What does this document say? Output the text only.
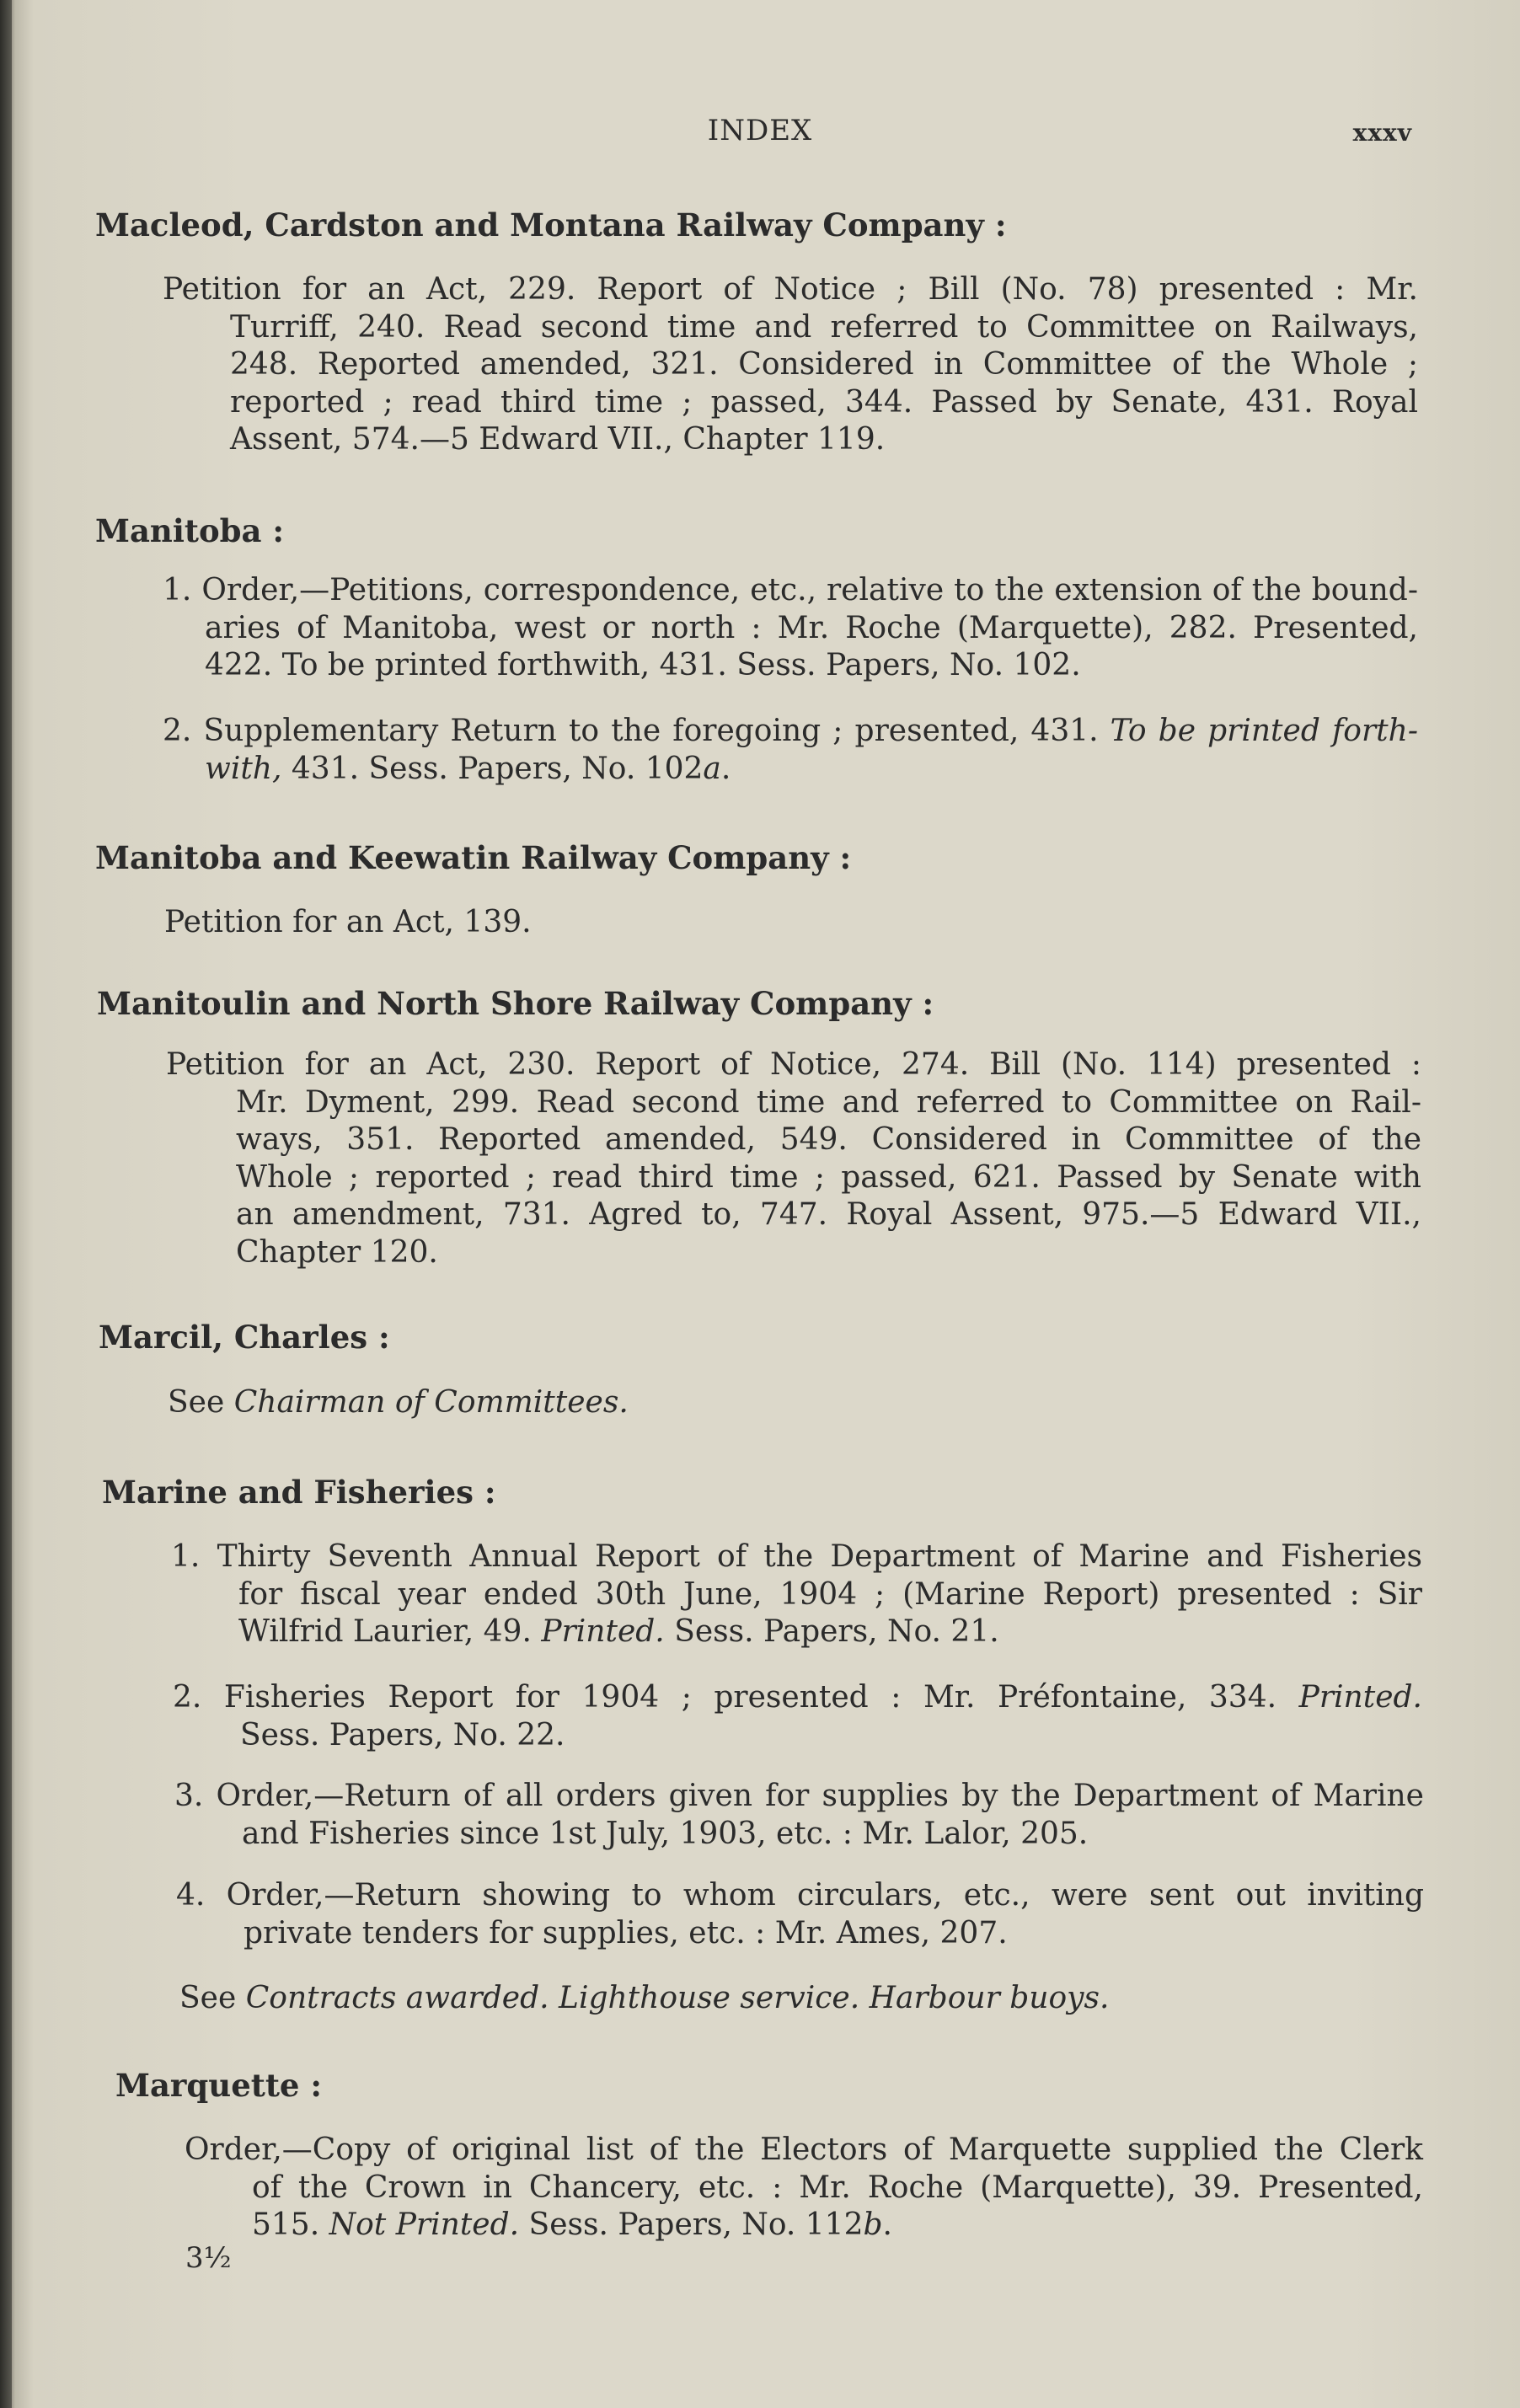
INDEX	xxxv
Macleod, Cardston and Montana Railway Company :
Petition for an Act, 229. Report of Notice ; Bill (No. 78) presented : Mr.
Turriff, 240. Read second time and referred to Committee on Railways,
248. Reported amended, 321. Considered in Committee of the Whole ;
reported ; read third time ; passed, 344. Passed by Senate, 431. Royal
Assent, 574.—5 Edward VII., Chapter 119.
Manitoba :
1. Order,—Petitions, correspondence, etc., relative to the extension of the bound-
aries of Manitoba, west or north : Mr. Roche (Marquette), 282. Presented,
422. To be printed forthwith, 431. Sess. Papers, No. 102.
2. Supplementary Return to the foregoing ; presented, 431. To be printed forth-
with, 431. Sess. Papers, No. 102a.
Manitoba and Keewatin Railway Company :
Petition for an Act, 139.
Manitoulin and North Shore Railway Company :
Petition for an Act, 230. Report of Notice, 274. Bill (No. 114) presented :
Mr. Dyment, 299. Read second time and referred to Committee on Rail-
ways, 351. Reported amended, 549. Considered in Committee of the
Whole ; reported ; read third time ; passed, 621. Passed by Senate with
an amendment, 731. Agred to, 747. Royal Assent, 975.—5 Edward VII.,
Chapter 120.
Marcil, Charles :
See Chairman of Committees.
Marine and Fisheries :
1. Thirty Seventh Annual Report of the Department of Marine and Fisheries
for fiscal year ended 30th June, 1904 ; (Marine Report) presented : Sir
Wilfrid Laurier, 49. Printed. Sess. Papers, No. 21.
2. Fisheries Report for 1904 ; presented : Mr. Préfontaine, 334. Printed.
Sess. Papers, No. 22.
3. Order,—Return of all orders given for supplies by the Department of Marine
and Fisheries since 1st July, 1903, etc. : Mr. Lalor, 205.
4. Order,—Return showing to whom circulars, etc., were sent out inviting
private tenders for supplies, etc. : Mr. Ames, 207.
See Contracts awarded. Lighthouse service. Harbour buoys.
Marquette :
Order,—Copy of original list of the Electors of Marquette supplied the Clerk
of the Crown in Chancery, etc. : Mr. Roche (Marquette), 39. Presented,
515. Not Printed. Sess. Papers, No. 112b.
3½
